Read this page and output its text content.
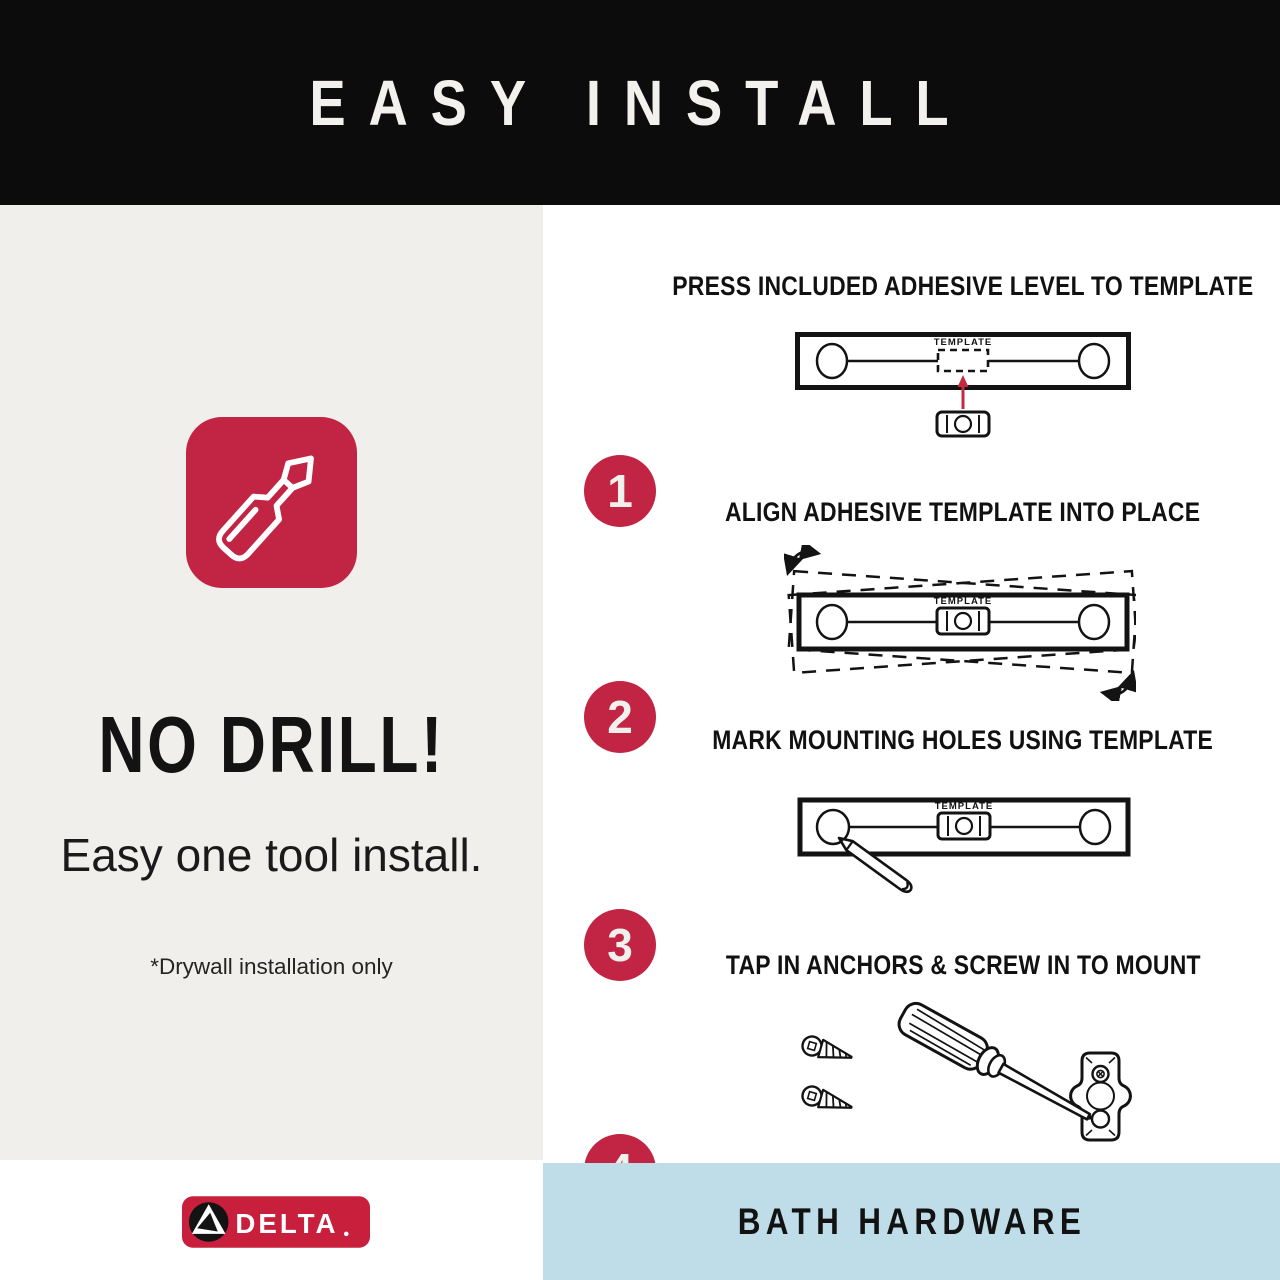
EASY INSTALL
NO DRILL!
Easy one tool install.
*Drywall installation only
1
PRESS INCLUDED ADHESIVE LEVEL TO TEMPLATE
TEMPLATE
2
ALIGN ADHESIVE TEMPLATE INTO PLACE
TEMPLATE
3
MARK MOUNTING HOLES USING TEMPLATE
TEMPLATE
TAP IN ANCHORS & SCREW IN TO MOUNT
DELTA	BATH HARDWARE
